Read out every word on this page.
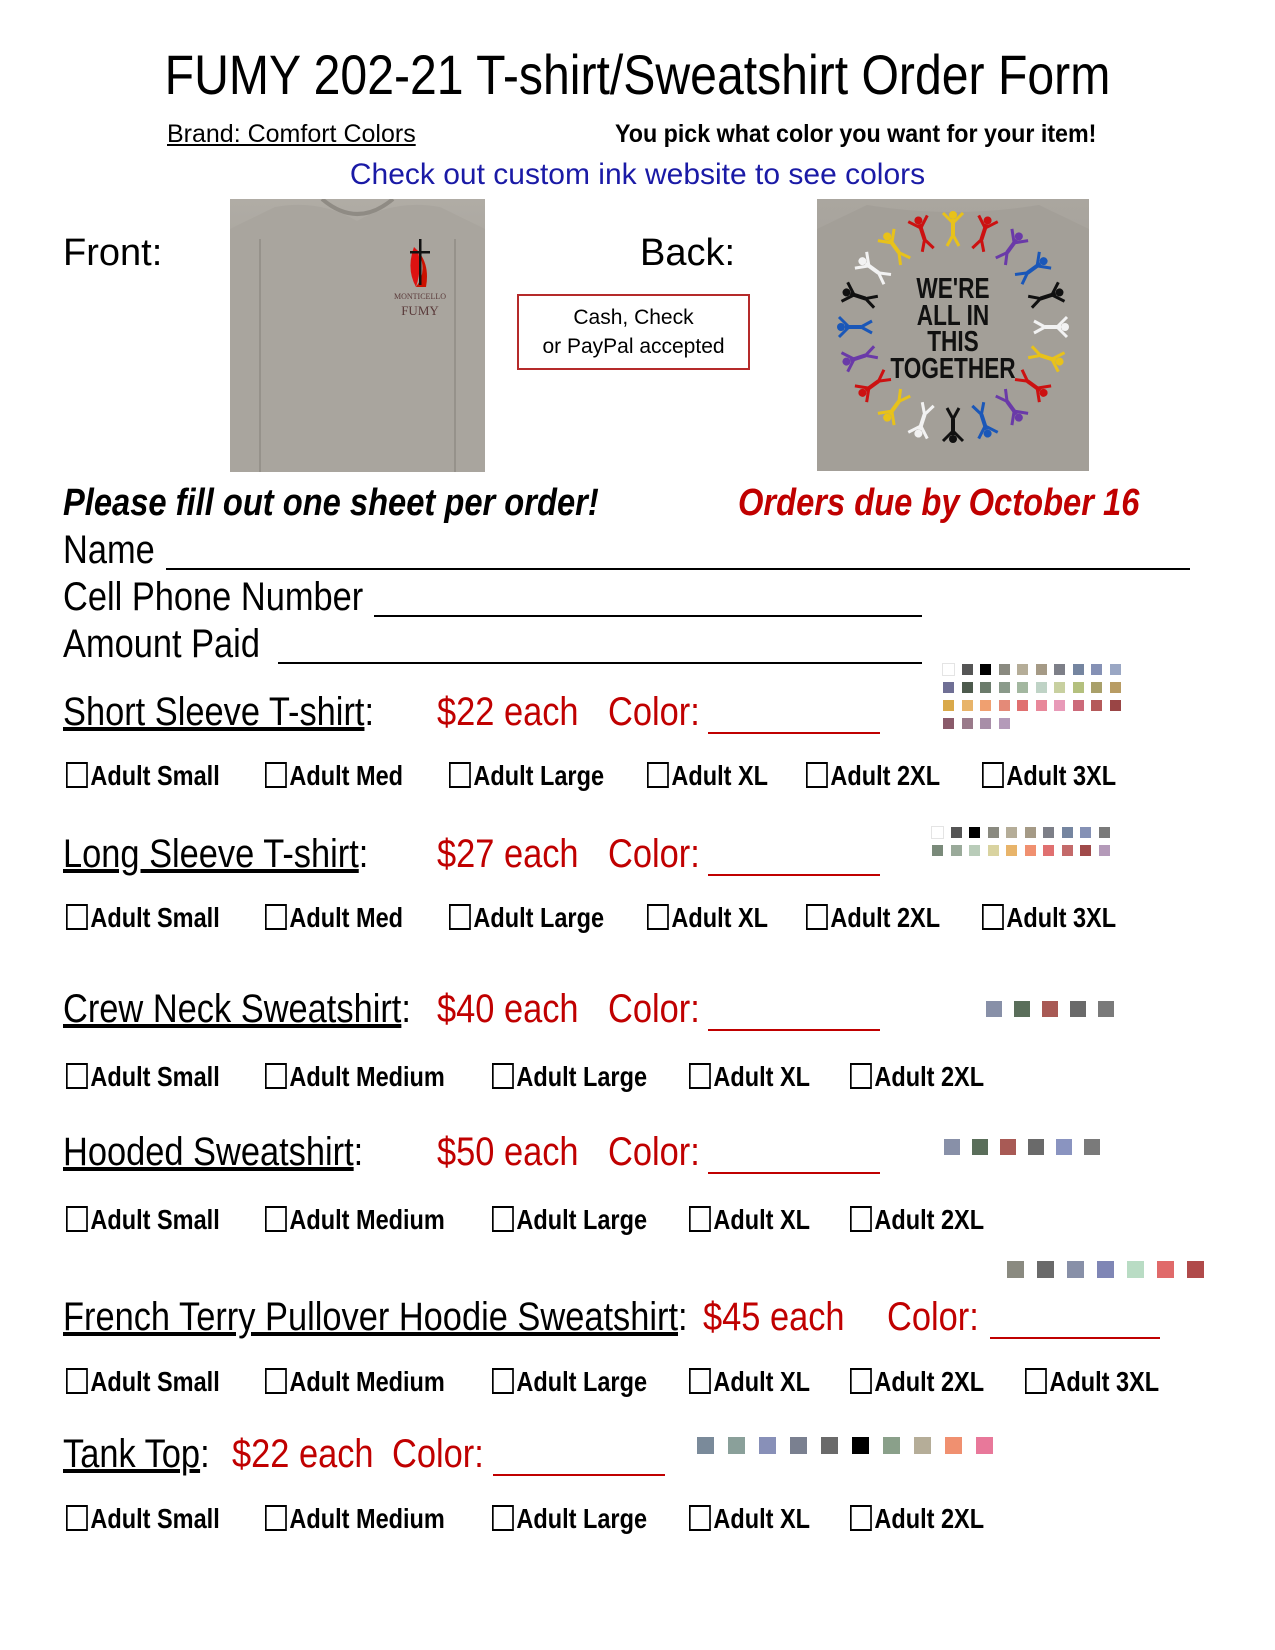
FUMY 202-21 T-shirt/Sweatshirt Order Form
Brand: Comfort Colors	You pick what color you want for your item!
Check out custom ink website to see colors
Front:	Back:
MONTICELLO
FUMY	Cash, Check
or PayPal accepted
WE'RE
ALL IN
THIS
TOGETHER
Please fill out one sheet per order!	Orders due by October 16
Name
Cell Phone Number
Amount Paid
Short Sleeve T-shirt: $22 each Color:
Adult Small	Adult Med	Adult Large	Adult XL	Adult 2XL	Adult 3XL
Long Sleeve T-shirt: $27 each Color:
Adult Small	Adult Med	Adult Large	Adult XL	Adult 2XL	Adult 3XL
Crew Neck Sweatshirt: $40 each Color:
Adult Small	Adult Medium	Adult Large	Adult XL	Adult 2XL
Hooded Sweatshirt: $50 each Color:
Adult Small	Adult Medium	Adult Large	Adult XL	Adult 2XL
French Terry Pullover Hoodie Sweatshirt: $45 each Color:
Adult Small	Adult Medium	Adult Large	Adult XL	Adult 2XL	Adult 3XL
Tank Top: $22 each Color:
Adult Small	Adult Medium	Adult Large	Adult XL	Adult 2XL
